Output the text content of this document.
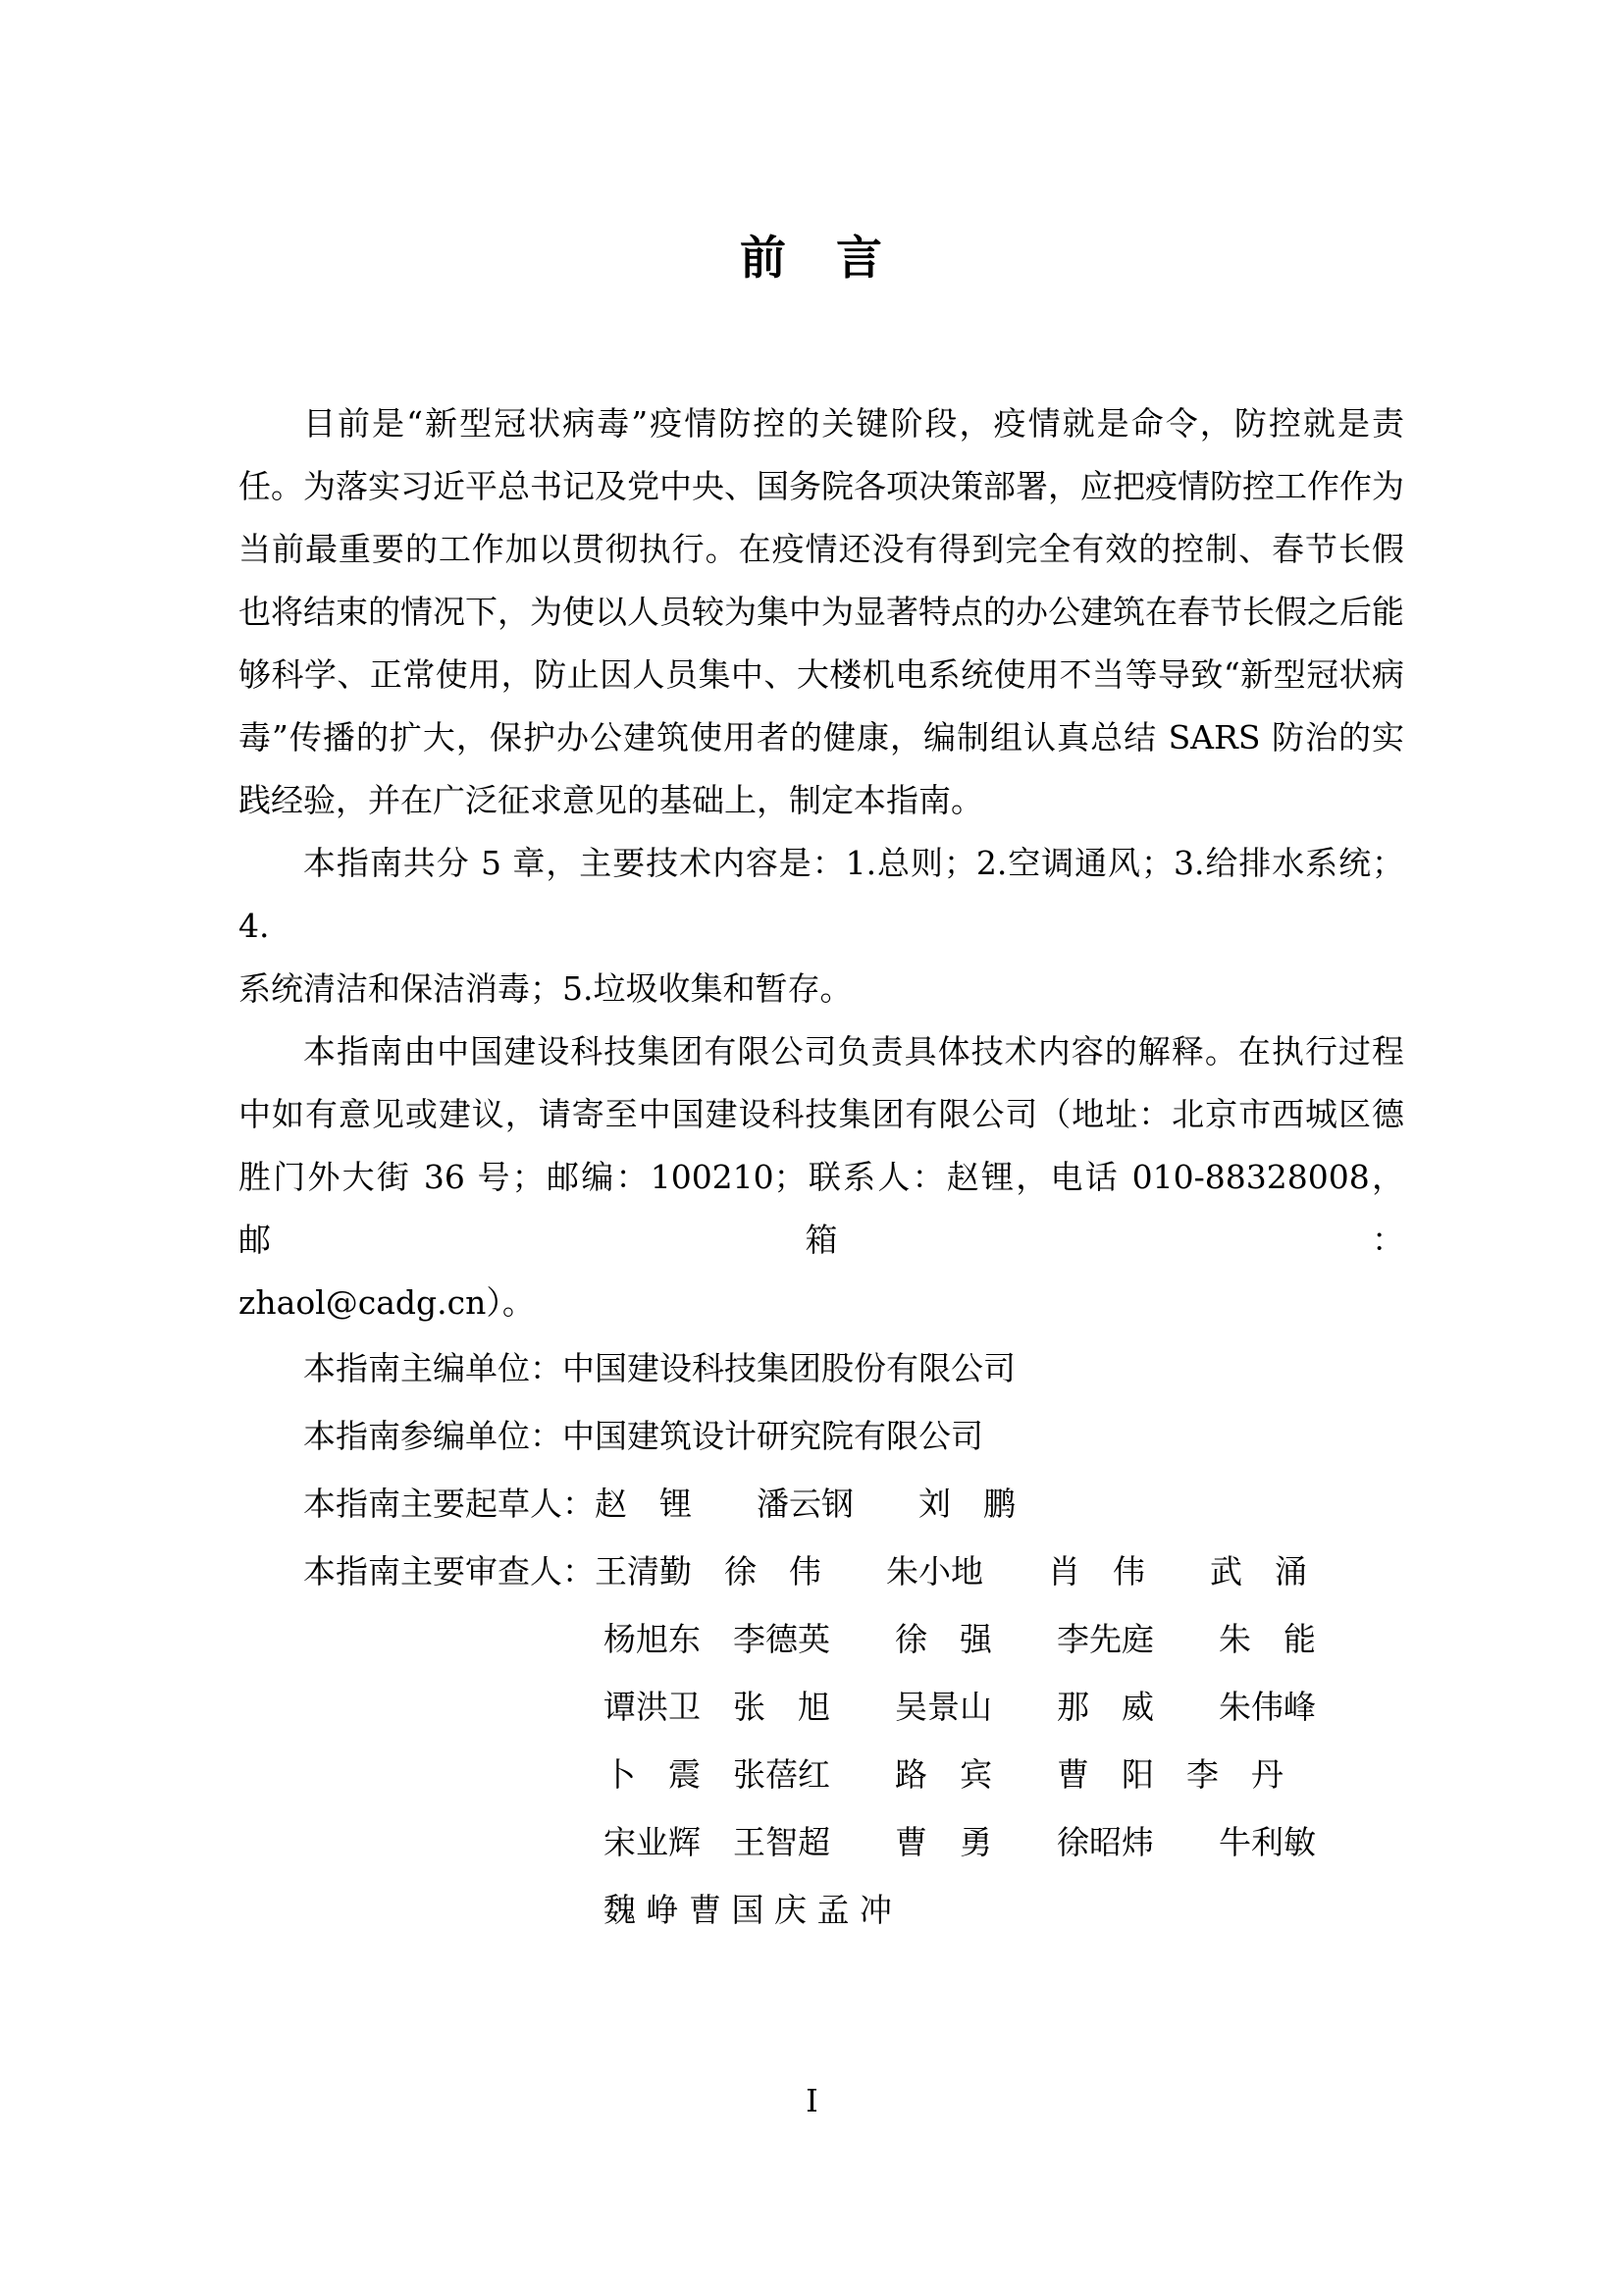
前　言
目前是“新型冠状病毒”疫情防控的关键阶段，疫情就是命令，防控就是责
任。为落实习近平总书记及党中央、国务院各项决策部署，应把疫情防控工作作为
当前最重要的工作加以贯彻执行。在疫情还没有得到完全有效的控制、春节长假
也将结束的情况下，为使以人员较为集中为显著特点的办公建筑在春节长假之后能
够科学、正常使用，防止因人员集中、大楼机电系统使用不当等导致“新型冠状病
毒”传播的扩大，保护办公建筑使用者的健康，编制组认真总结 SARS 防治的实
践经验，并在广泛征求意见的基础上，制定本指南。
本指南共分 5 章，主要技术内容是：1.总则；2.空调通风；3.给排水系统；4.
系统清洁和保洁消毒；5.垃圾收集和暂存。
本指南由中国建设科技集团有限公司负责具体技术内容的解释。在执行过程
中如有意见或建议，请寄至中国建设科技集团有限公司（地址：北京市西城区德
胜门外大街 36 号；邮编：100210；联系人：赵锂，电话 010-88328008，邮箱：
zhaol@cadg.cn）。
本指南主编单位：中国建设科技集团股份有限公司
本指南参编单位：中国建筑设计研究院有限公司
本指南主要起草人：赵　锂　　潘云钢　　刘　鹏
本指南主要审查人：王清勤　徐　伟　　朱小地　　肖　伟　　武　涌
杨旭东　李德英　　徐　强　　李先庭　　朱　能
谭洪卫　张　旭　　吴景山　　那　威　　朱伟峰
卜　震　张蓓红　　路　宾　　曹　阳　李　丹
宋业辉　王智超　　曹　勇　　徐昭炜　　牛利敏
魏 峥 曹 国 庆 孟 冲
I
